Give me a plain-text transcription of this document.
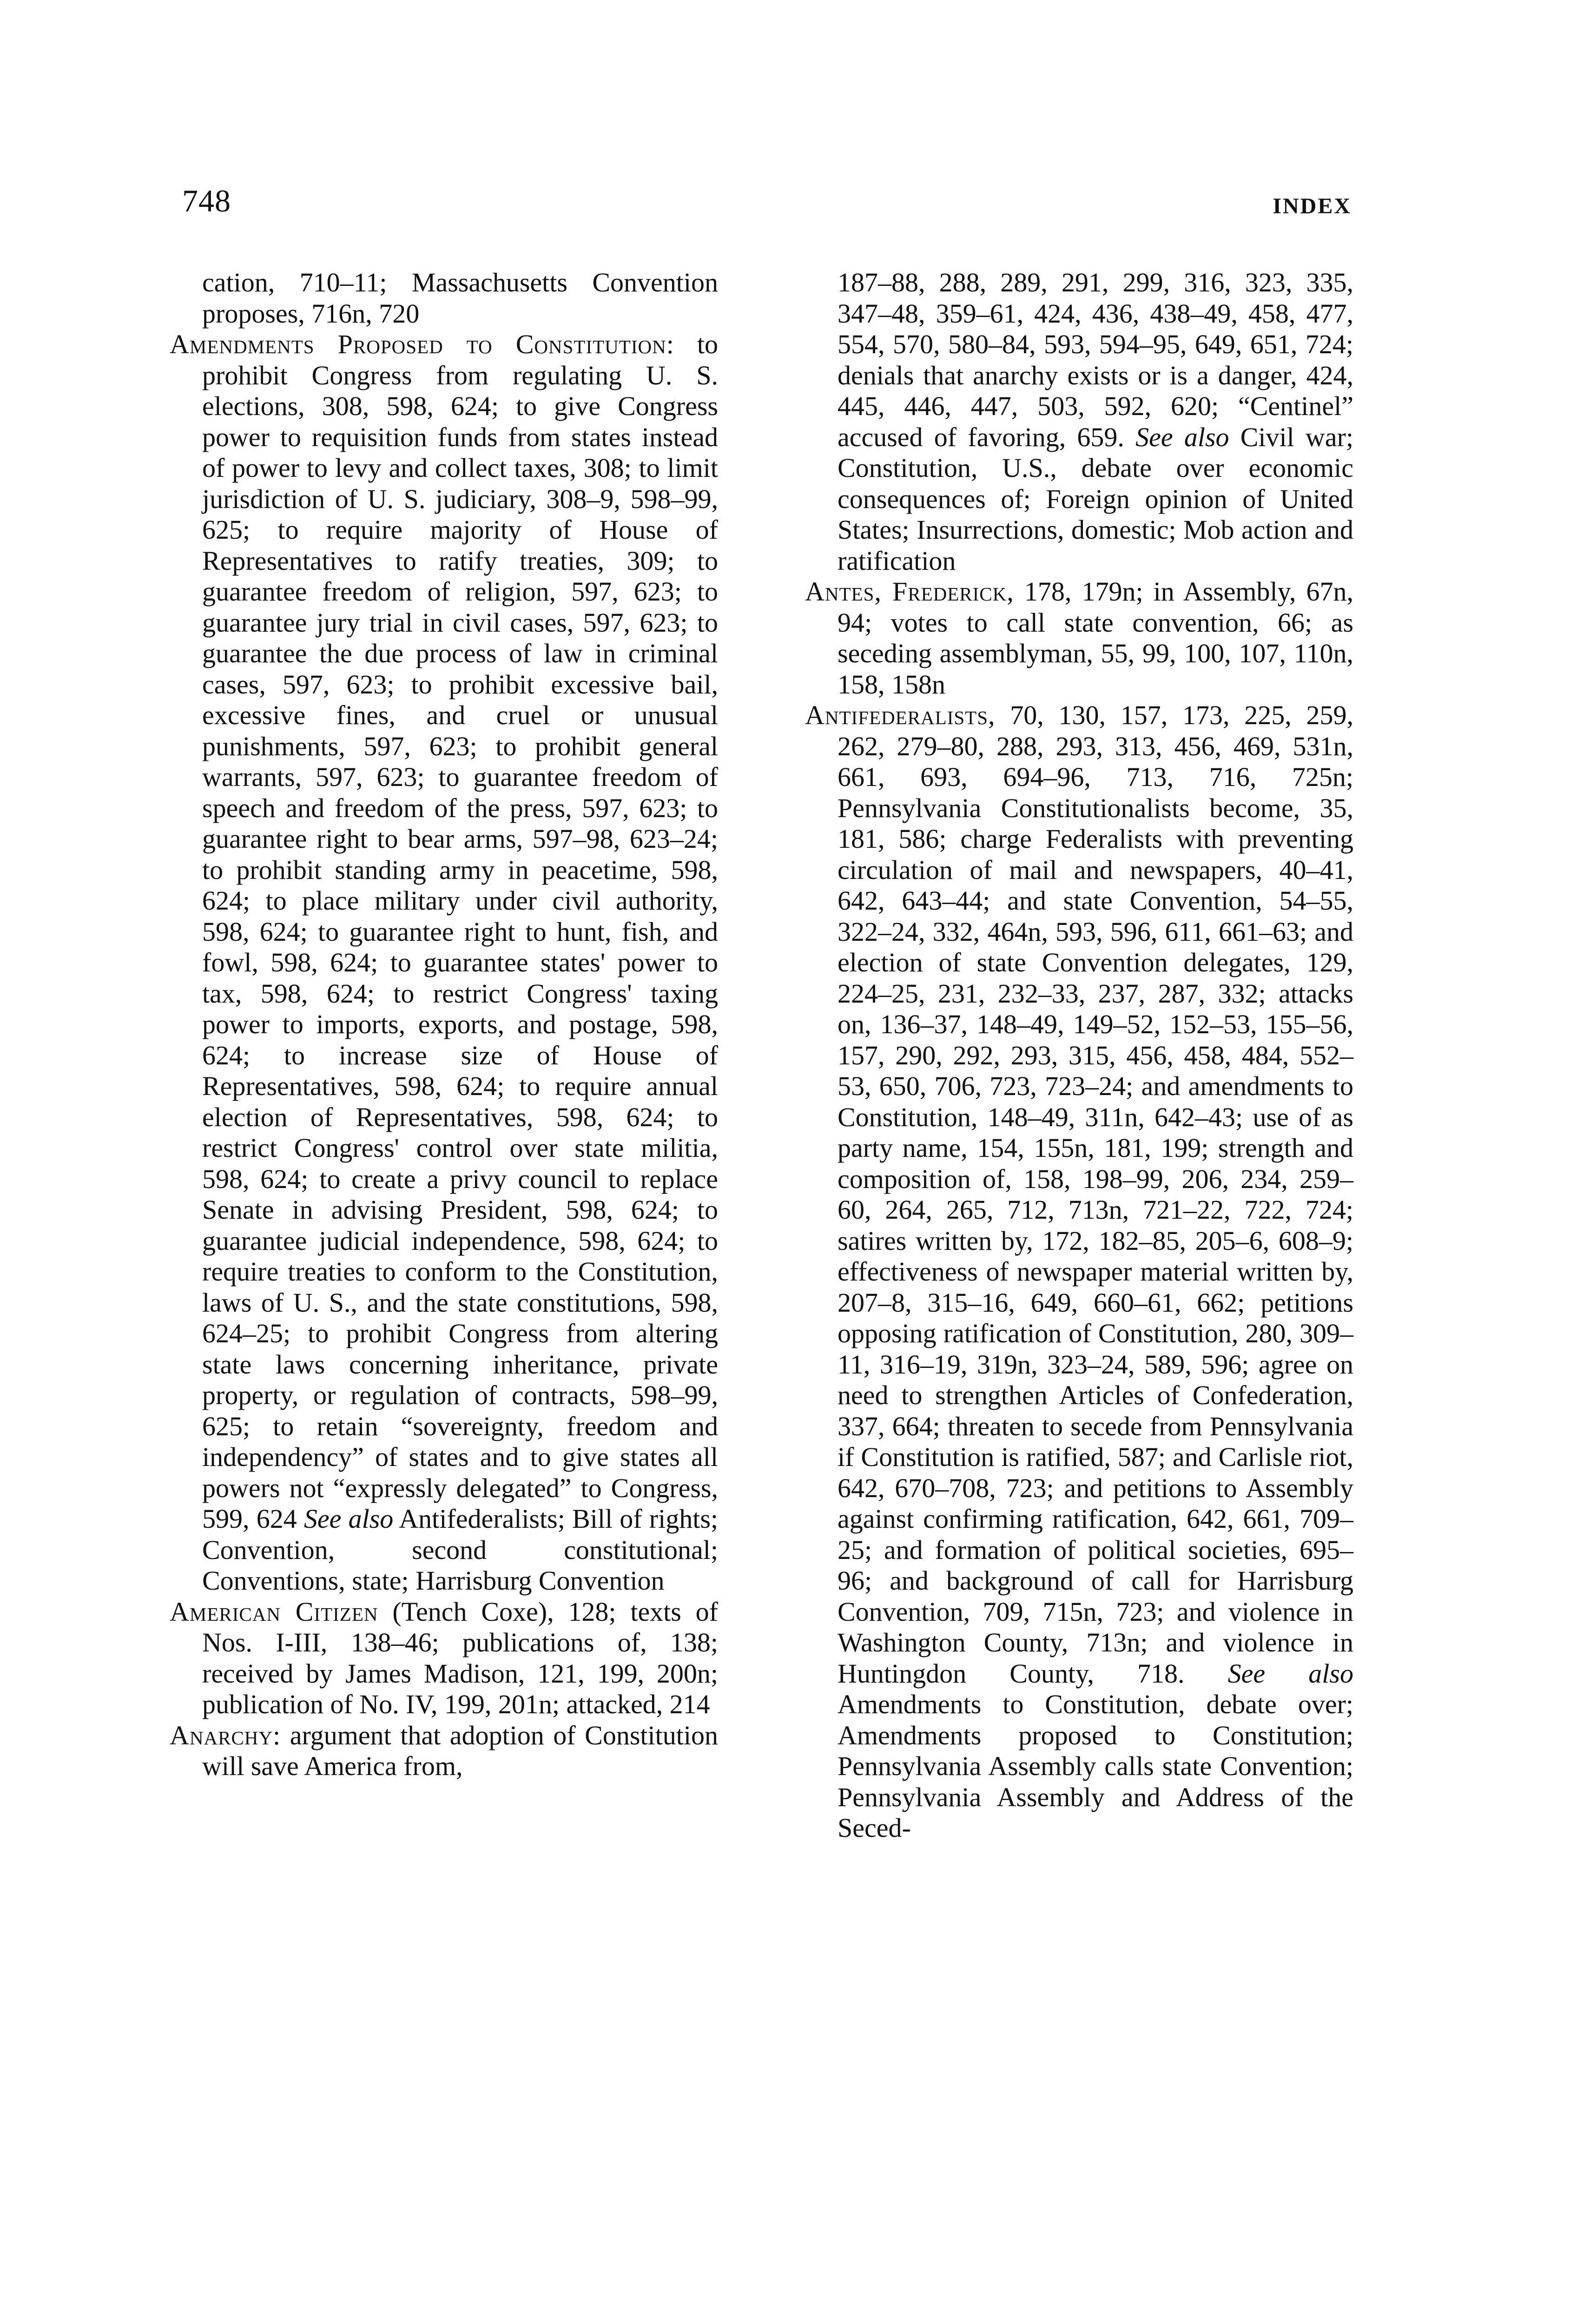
748	INDEX

cation, 710–11; Massachusetts Convention proposes, 716n, 720

Amendments Proposed to Constitution: to prohibit Congress from regulating U. S. elections, 308, 598, 624; to give Congress power to requisition funds from states instead of power to levy and collect taxes, 308; to limit jurisdiction of U. S. judiciary, 308–9, 598–99, 625; to require majority of House of Representatives to ratify treaties, 309; to guarantee freedom of religion, 597, 623; to guarantee jury trial in civil cases, 597, 623; to guarantee the due process of law in criminal cases, 597, 623; to prohibit excessive bail, excessive fines, and cruel or unusual punishments, 597, 623; to prohibit general warrants, 597, 623; to guarantee freedom of speech and freedom of the press, 597, 623; to guarantee right to bear arms, 597–98, 623–24; to prohibit standing army in peacetime, 598, 624; to place military under civil authority, 598, 624; to guarantee right to hunt, fish, and fowl, 598, 624; to guarantee states' power to tax, 598, 624; to restrict Congress' taxing power to imports, exports, and postage, 598, 624; to increase size of House of Representatives, 598, 624; to require annual election of Representatives, 598, 624; to restrict Congress' control over state militia, 598, 624; to create a privy council to replace Senate in advising President, 598, 624; to guarantee judicial independence, 598, 624; to require treaties to conform to the Constitution, laws of U. S., and the state constitutions, 598, 624–25; to prohibit Congress from altering state laws concerning inheritance, private property, or regulation of contracts, 598–99, 625; to retain “sovereignty, freedom and independency” of states and to give states all powers not “expressly delegated” to Congress, 599, 624 See also Antifederalists; Bill of rights; Convention, second constitutional; Conventions, state; Harrisburg Convention

American Citizen (Tench Coxe), 128; texts of Nos. I-III, 138–46; publications of, 138; received by James Madison, 121, 199, 200n; publication of No. IV, 199, 201n; attacked, 214

Anarchy: argument that adoption of Constitution will save America from,

187–88, 288, 289, 291, 299, 316, 323, 335, 347–48, 359–61, 424, 436, 438–49, 458, 477, 554, 570, 580–84, 593, 594–95, 649, 651, 724; denials that anarchy exists or is a danger, 424, 445, 446, 447, 503, 592, 620; “Centinel” accused of favoring, 659. See also Civil war; Constitution, U.S., debate over economic consequences of; Foreign opinion of United States; Insurrections, domestic; Mob action and ratification

Antes, Frederick, 178, 179n; in Assembly, 67n, 94; votes to call state convention, 66; as seceding assemblyman, 55, 99, 100, 107, 110n, 158, 158n

Antifederalists, 70, 130, 157, 173, 225, 259, 262, 279–80, 288, 293, 313, 456, 469, 531n, 661, 693, 694–96, 713, 716, 725n; Pennsylvania Constitutionalists become, 35, 181, 586; charge Federalists with preventing circulation of mail and newspapers, 40–41, 642, 643–44; and state Convention, 54–55, 322–24, 332, 464n, 593, 596, 611, 661–63; and election of state Convention delegates, 129, 224–25, 231, 232–33, 237, 287, 332; attacks on, 136–37, 148–49, 149–52, 152–53, 155–56, 157, 290, 292, 293, 315, 456, 458, 484, 552–53, 650, 706, 723, 723–24; and amendments to Constitution, 148–49, 311n, 642–43; use of as party name, 154, 155n, 181, 199; strength and composition of, 158, 198–99, 206, 234, 259–60, 264, 265, 712, 713n, 721–22, 722, 724; satires written by, 172, 182–85, 205–6, 608–9; effectiveness of newspaper material written by, 207–8, 315–16, 649, 660–61, 662; petitions opposing ratification of Constitution, 280, 309–11, 316–19, 319n, 323–24, 589, 596; agree on need to strengthen Articles of Confederation, 337, 664; threaten to secede from Pennsylvania if Constitution is ratified, 587; and Carlisle riot, 642, 670–708, 723; and petitions to Assembly against confirming ratification, 642, 661, 709–25; and formation of political societies, 695–96; and background of call for Harrisburg Convention, 709, 715n, 723; and violence in Washington County, 713n; and violence in Huntingdon County, 718. See also Amendments to Constitution, debate over; Amendments proposed to Constitution; Pennsylvania Assembly calls state Convention; Pennsylvania Assembly and Address of the Seced-
